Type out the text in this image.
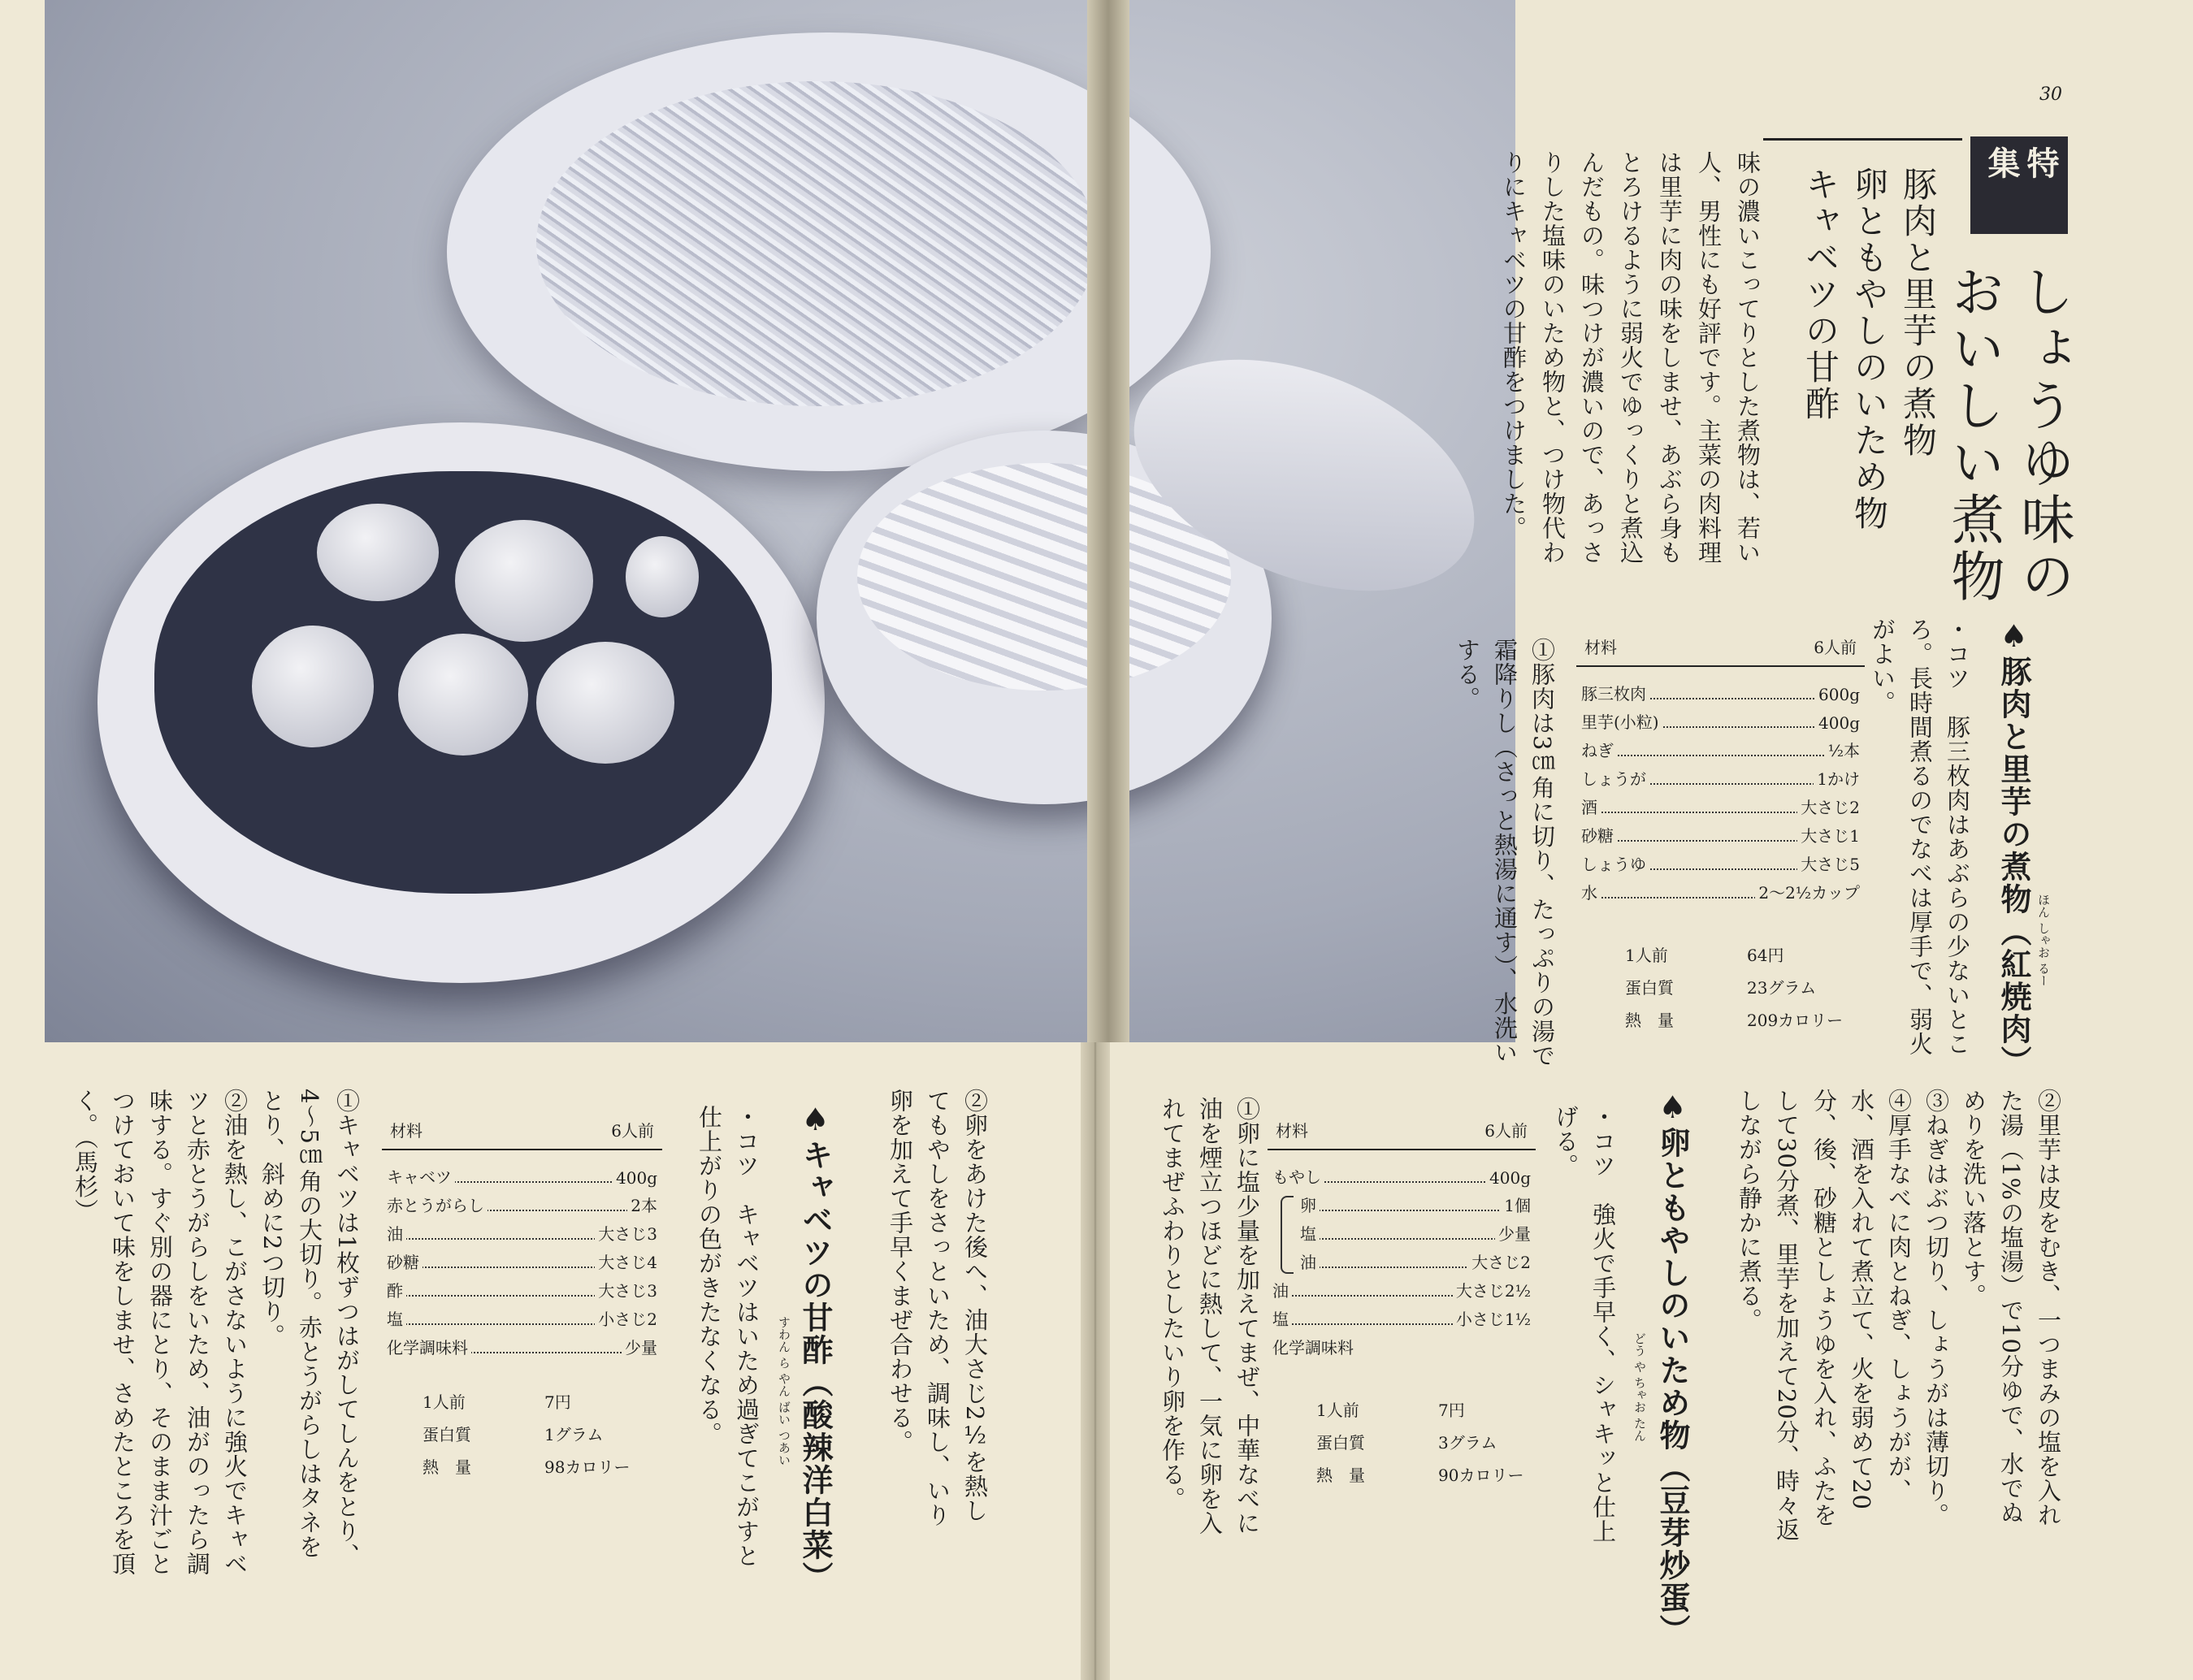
30
特
集

しょうゆ味の

おいしい煮物

豚肉と里芋の煮物

卵ともやしのいため物

キャベツの甘酢

味の濃いこってりとした煮物は、若い人、男性にも好評です。主菜の肉料理は里芋に肉の味をしませ、あぶら身もとろけるように弱火でゆっくりと煮込んだもの。味つけが濃いので、あっさりした塩味のいため物と、つけ物代わりにキャベツの甘酢をつけました。

♠豚肉と里芋の煮物（紅焼肉）

ほん しゃお るー
・コツ　豚三枚肉はあぶらの少ないところ。長時間煮るのでなべは厚手で、弱火がよい。
材料	6人前
豚三枚肉	600g
里芋(小粒)	400g
ねぎ	½本
しょうが	1かけ
酒	大さじ2
砂糖	大さじ1
しょうゆ	大さじ5
水	2〜2½カップ
1人前	64円
蛋白質	23グラム
熱　量	209カロリー
①豚肉は3㎝角に切り、たっぷりの湯で霜降りし（さっと熱湯に通す）、水洗いする。

②里芋は皮をむき、一つまみの塩を入れた湯（1%の塩湯）で10分ゆで、水でぬめりを洗い落とす。

③ねぎはぶつ切り、しょうがは薄切り。

④厚手なべに肉とねぎ、しょうがが、水、酒を入れて煮立て、火を弱めて20分、後、砂糖としょうゆを入れ、ふたをして30分煮、里芋を加えて20分、時々返しながら静かに煮る。

♠卵ともやしのいため物（豆芽炒蛋）

どう や ちゃお たん
・コツ　強火で手早く、シャキッと仕上げる。
材料	6人前
もやし	400g
卵	1個
塩	少量
油	大さじ2
油	大さじ2½
塩	小さじ1½
化学調味料
1人前	7円
蛋白質	3グラム
熱　量	90カロリー
①卵に塩少量を加えてまぜ、中華なべに油を煙立つほどに熱して、一気に卵を入れてまぜふわりとしたいり卵を作る。
②卵をあけた後へ、油大さじ2½を熱してもやしをさっといため、調味し、いり卵を加えて手早くまぜ合わせる。

♠キャベツの甘酢（酸辣洋白菜）

すわん ら やん ばい つあい
・コツ　キャベツはいため過ぎてこがすと仕上がりの色がきたなくなる。
材料	6人前
キャベツ	400g
赤とうがらし	2本
油	大さじ3
砂糖	大さじ4
酢	大さじ3
塩	小さじ2
化学調味料	少量
1人前	7円
蛋白質	1グラム
熱　量	98カロリー

①キャベツは1枚ずつはがしてしんをとり、4〜5㎝角の大切り。赤とうがらしはタネをとり、斜めに2つ切り。

②油を熱し、こがさないように強火でキャベツと赤とうがらしをいため、油がのったら調味する。すぐ別の器にとり、そのまま汁ごとつけておいて味をしませ、さめたところを頂く。（馬杉）
